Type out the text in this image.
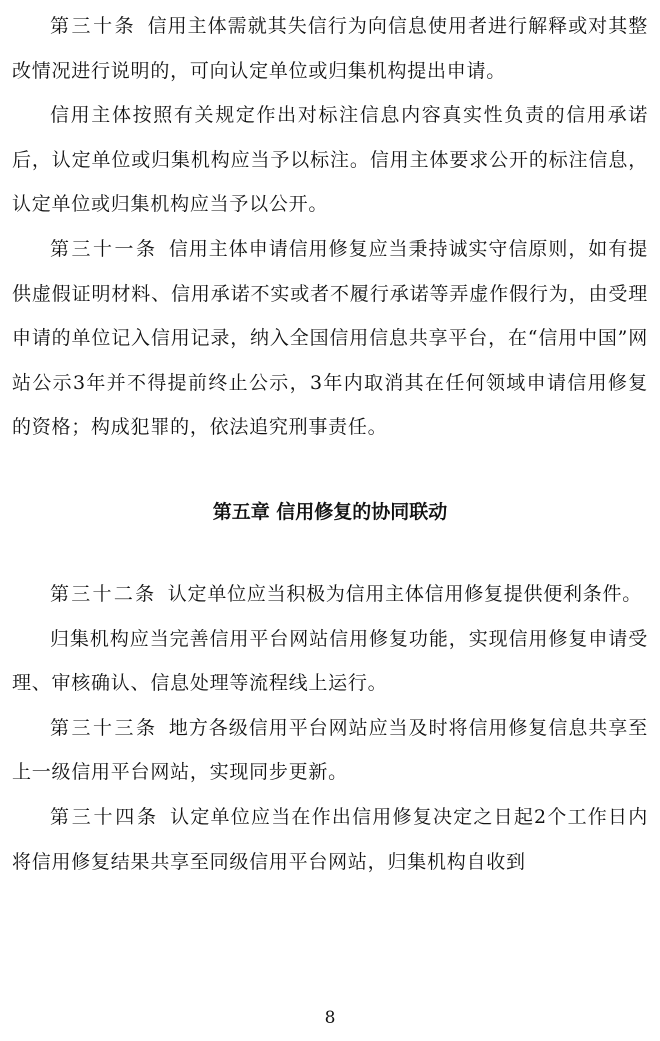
第三十条 信用主体需就其失信行为向信息使用者进行解释或对其整改情况进行说明的，可向认定单位或归集机构提出申请。

信用主体按照有关规定作出对标注信息内容真实性负责的信用承诺后，认定单位或归集机构应当予以标注。信用主体要求公开的标注信息，认定单位或归集机构应当予以公开。

第三十一条 信用主体申请信用修复应当秉持诚实守信原则，如有提供虚假证明材料、信用承诺不实或者不履行承诺等弄虚作假行为，由受理申请的单位记入信用记录，纳入全国信用信息共享平台，在“信用中国”网站公示3年并不得提前终止公示，3年内取消其在任何领域申请信用修复的资格；构成犯罪的，依法追究刑事责任。

第五章 信用修复的协同联动

第三十二条 认定单位应当积极为信用主体信用修复提供便利条件。

归集机构应当完善信用平台网站信用修复功能，实现信用修复申请受理、审核确认、信息处理等流程线上运行。

第三十三条 地方各级信用平台网站应当及时将信用修复信息共享至上一级信用平台网站，实现同步更新。

第三十四条 认定单位应当在作出信用修复决定之日起2个工作日内将信用修复结果共享至同级信用平台网站，归集机构自收到

8
